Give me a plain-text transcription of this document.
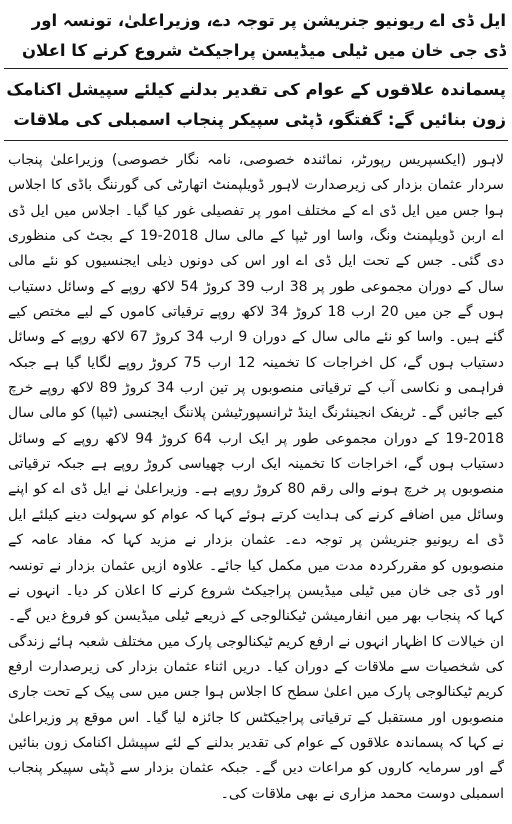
ایل ڈی اے ریونیو جنریشن پر توجہ دے، وزیراعلیٰ، تونسہ اور ڈی جی خان میں ٹیلی میڈیسن پراجیکٹ شروع کرنے کا اعلان
پسماندہ علاقوں کے عوام کی تقدیر بدلنے کیلئے سپیشل اکنامک زون بنائیں گے: گفتگو، ڈپٹی سپیکر پنجاب اسمبلی کی ملاقات

لاہور (ایکسپریس رپورٹر، نمائندہ خصوصی، نامہ نگار خصوصی) وزیراعلیٰ پنجاب سردار عثمان بزدار کی زیرصدارت لاہور ڈویلپمنٹ اتھارٹی کی گورننگ باڈی کا اجلاس ہوا جس میں ایل ڈی اے کے مختلف امور پر تفصیلی غور کیا گیا۔ اجلاس میں ایل ڈی اے اربن ڈویلپمنٹ ونگ، واسا اور ٹیپا کے مالی سال 2018-19 کے بجٹ کی منظوری دی گئی۔ جس کے تحت ایل ڈی اے اور اس کی دونوں ذیلی ایجنسیوں کو نئے مالی سال کے دوران مجموعی طور پر 38 ارب 39 کروڑ 54 لاکھ روپے کے وسائل دستیاب ہوں گے جن میں 20 ارب 18 کروڑ 34 لاکھ روپے ترقیاتی کاموں کے لیے مختص کیے گئے ہیں۔ واسا کو نئے مالی سال کے دوران 9 ارب 34 کروڑ 67 لاکھ روپے کے وسائل دستیاب ہوں گے، کل اخراجات کا تخمینہ 12 ارب 75 کروڑ روپے لگایا گیا ہے جبکہ فراہمی و نکاسی آب کے ترقیاتی منصوبوں پر تین ارب 34 کروڑ 89 لاکھ روپے خرچ کیے جائیں گے۔ ٹریفک انجینئرنگ اینڈ ٹرانسپورٹیشن پلاننگ ایجنسی (ٹیپا) کو مالی سال 2018-19 کے دوران مجموعی طور پر ایک ارب 64 کروڑ 94 لاکھ روپے کے وسائل دستیاب ہوں گے، اخراجات کا تخمینہ ایک ارب چھیاسی کروڑ روپے ہے جبکہ ترقیاتی منصوبوں پر خرچ ہونے والی رقم 80 کروڑ روپے ہے۔ وزیراعلیٰ نے ایل ڈی اے کو اپنے وسائل میں اضافے کرنے کی ہدایت کرتے ہوئے کہا کہ عوام کو سہولت دینے کیلئے ایل ڈی اے ریونیو جنریشن پر توجہ دے۔ عثمان بزدار نے مزید کہا کہ مفاد عامہ کے منصوبوں کو مقررکردہ مدت میں مکمل کیا جائے۔ علاوہ ازیں عثمان بزدار نے تونسہ اور ڈی جی خان میں ٹیلی میڈیسن پراجیکٹ شروع کرنے کا اعلان کر دیا۔ انہوں نے کہا کہ پنجاب بھر میں انفارمیشن ٹیکنالوجی کے ذریعے ٹیلی میڈیسن کو فروغ دیں گے۔ ان خیالات کا اظہار انہوں نے ارفع کریم ٹیکنالوجی پارک میں مختلف شعبہ ہائے زندگی کی شخصیات سے ملاقات کے دوران کیا۔ دریں اثناء عثمان بزدار کی زیرصدارت ارفع کریم ٹیکنالوجی پارک میں اعلیٰ سطح کا اجلاس ہوا جس میں سی پیک کے تحت جاری منصوبوں اور مستقبل کے ترقیاتی پراجیکٹس کا جائزہ لیا گیا۔ اس موقع پر وزیراعلیٰ نے کہا کہ پسماندہ علاقوں کے عوام کی تقدیر بدلنے کے لئے سپیشل اکنامک زون بنائیں گے اور سرمایہ کاروں کو مراعات دیں گے۔ جبکہ عثمان بزدار سے ڈپٹی سپیکر پنجاب اسمبلی دوست محمد مزاری نے بھی ملاقات کی۔
